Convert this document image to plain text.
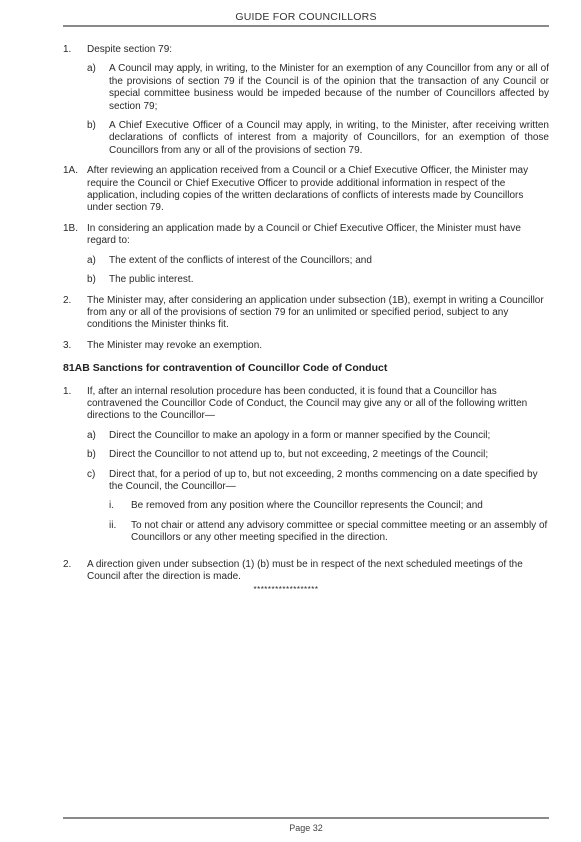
GUIDE FOR COUNCILLORS
1.	Despite section 79:
a)	A Council may apply, in writing, to the Minister for an exemption of any Councillor from any or all of the provisions of section 79 if the Council is of the opinion that the transaction of any Council or special committee business would be impeded because of the number of Councillors affected by section 79;
b)	A Chief Executive Officer of a Council may apply, in writing, to the Minister, after receiving written declarations of conflicts of interest from a majority of Councillors, for an exemption of those Councillors from any or all of the provisions of section 79.
1A. After reviewing an application received from a Council or a Chief Executive Officer, the Minister may require the Council or Chief Executive Officer to provide additional information in respect of the application, including copies of the written declarations of conflicts of interests made by Councillors under section 79.
1B. In considering an application made by a Council or Chief Executive Officer, the Minister must have regard to:
a)	The extent of the conflicts of interest of the Councillors; and
b)	The public interest.
2.	The Minister may, after considering an application under subsection (1B), exempt in writing a Councillor from any or all of the provisions of section 79 for an unlimited or specified period, subject to any conditions the Minister thinks fit.
3.	The Minister may revoke an exemption.
81AB Sanctions for contravention of Councillor Code of Conduct
1.	If, after an internal resolution procedure has been conducted, it is found that a Councillor has contravened the Councillor Code of Conduct, the Council may give any or all of the following written directions to the Councillor—
a)	Direct the Councillor to make an apology in a form or manner specified by the Council;
b)	Direct the Councillor to not attend up to, but not exceeding, 2 meetings of the Council;
c)	Direct that, for a period of up to, but not exceeding, 2 months commencing on a date specified by the Council, the Councillor—
i.	Be removed from any position where the Councillor represents the Council; and
ii.	To not chair or attend any advisory committee or special committee meeting or an assembly of Councillors or any other meeting specified in the direction.
2.	A direction given under subsection (1) (b) must be in respect of the next scheduled meetings of the Council after the direction is made.
******************
Page 32
